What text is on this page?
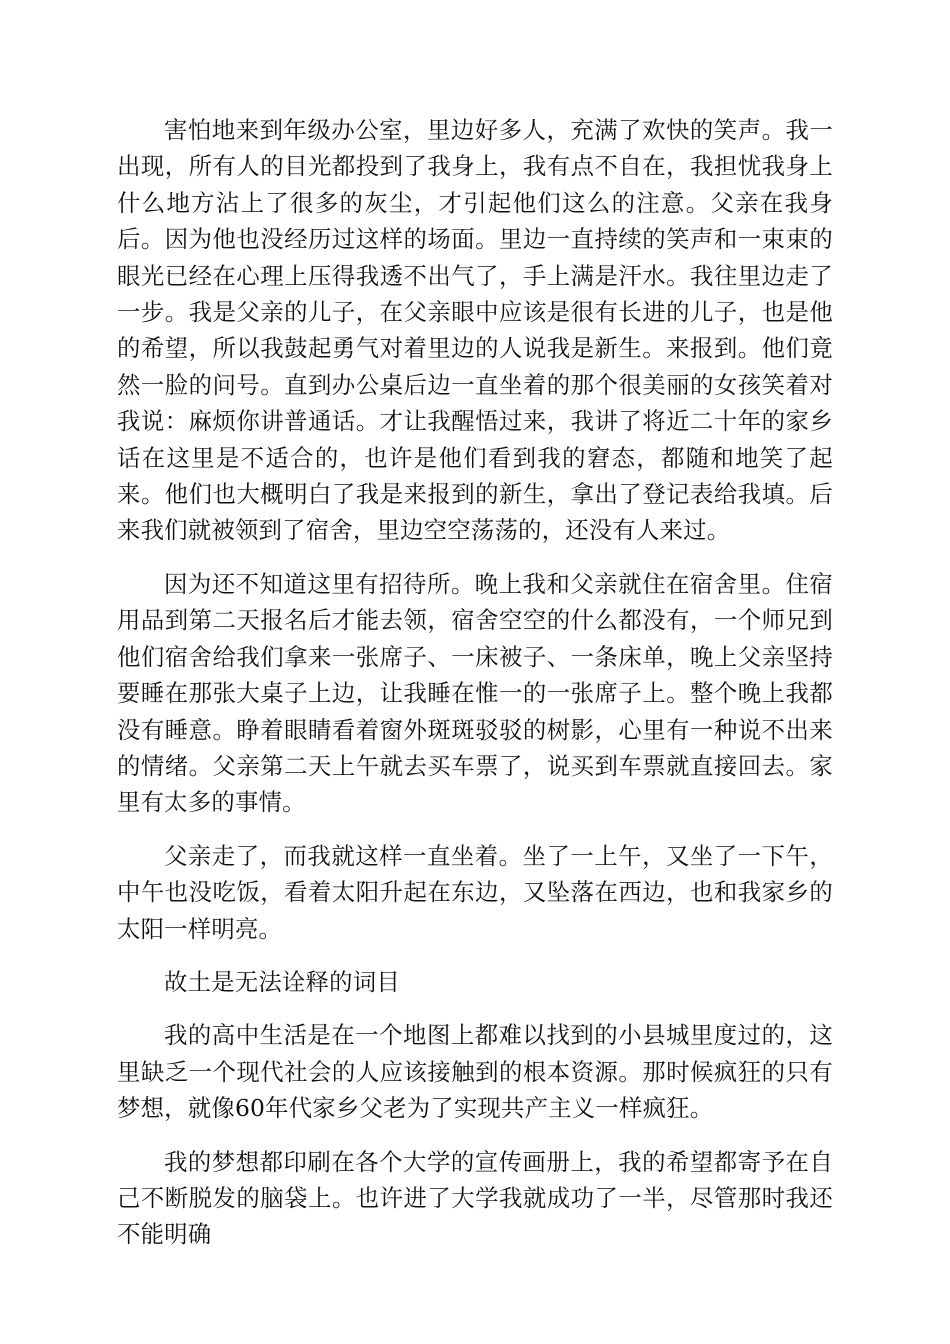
害怕地来到年级办公室，里边好多人，充满了欢快的笑声。我一出现，所有人的目光都投到了我身上，我有点不自在，我担忧我身上什么地方沾上了很多的灰尘，才引起他们这么的注意。父亲在我身后。因为他也没经历过这样的场面。里边一直持续的笑声和一束束的眼光已经在心理上压得我透不出气了，手上满是汗水。我往里边走了一步。我是父亲的儿子，在父亲眼中应该是很有长进的儿子，也是他的希望，所以我鼓起勇气对着里边的人说我是新生。来报到。他们竟然一脸的问号。直到办公桌后边一直坐着的那个很美丽的女孩笑着对我说：麻烦你讲普通话。才让我醒悟过来，我讲了将近二十年的家乡话在这里是不适合的，也许是他们看到我的窘态，都随和地笑了起来。他们也大概明白了我是来报到的新生，拿出了登记表给我填。后来我们就被领到了宿舍，里边空空荡荡的，还没有人来过。

因为还不知道这里有招待所。晚上我和父亲就住在宿舍里。住宿用品到第二天报名后才能去领，宿舍空空的什么都没有，一个师兄到他们宿舍给我们拿来一张席子、一床被子、一条床单，晚上父亲坚持要睡在那张大桌子上边，让我睡在惟一的一张席子上。整个晚上我都没有睡意。睁着眼睛看着窗外斑斑驳驳的树影，心里有一种说不出来的情绪。父亲第二天上午就去买车票了，说买到车票就直接回去。家里有太多的事情。

父亲走了，而我就这样一直坐着。坐了一上午，又坐了一下午，中午也没吃饭，看着太阳升起在东边，又坠落在西边，也和我家乡的太阳一样明亮。

故土是无法诠释的词目

我的高中生活是在一个地图上都难以找到的小县城里度过的，这里缺乏一个现代社会的人应该接触到的根本资源。那时候疯狂的只有梦想，就像60年代家乡父老为了实现共产主义一样疯狂。

我的梦想都印刷在各个大学的宣传画册上，我的希望都寄予在自己不断脱发的脑袋上。也许进了大学我就成功了一半，尽管那时我还不能明确
